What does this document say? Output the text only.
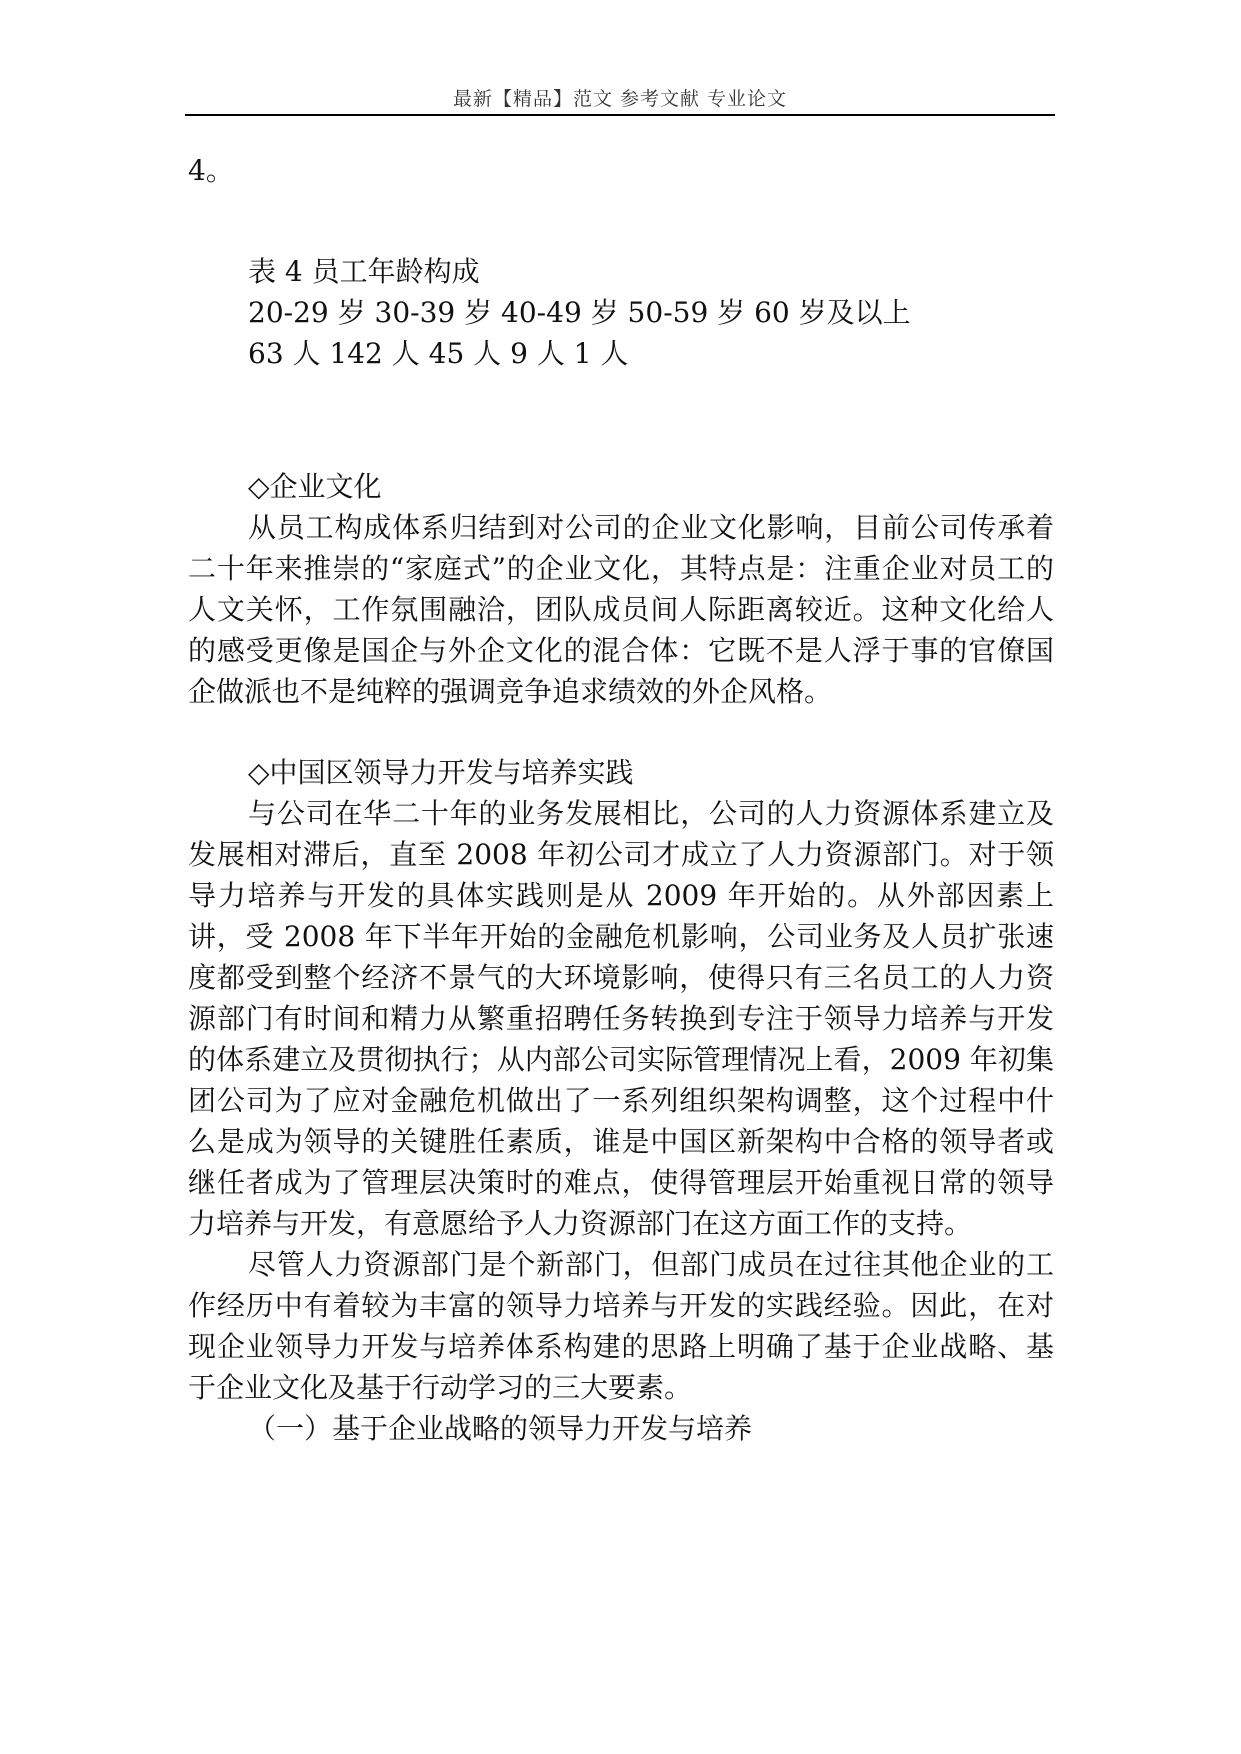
最新【精品】范文 参考文献 专业论文

4。

表 4 员工年龄构成

20-29 岁 30-39 岁 40-49 岁 50-59 岁 60 岁及以上

63 人 142 人 45 人 9 人 1 人

◇企业文化

从员工构成体系归结到对公司的企业文化影响，目前公司传承着二十年来推崇的“家庭式”的企业文化，其特点是：注重企业对员工的人文关怀，工作氛围融洽，团队成员间人际距离较近。这种文化给人的感受更像是国企与外企文化的混合体：它既不是人浮于事的官僚国企做派也不是纯粹的强调竞争追求绩效的外企风格。

◇中国区领导力开发与培养实践

与公司在华二十年的业务发展相比，公司的人力资源体系建立及发展相对滞后，直至 2008 年初公司才成立了人力资源部门。对于领导力培养与开发的具体实践则是从 2009 年开始的。从外部因素上讲，受 2008 年下半年开始的金融危机影响，公司业务及人员扩张速度都受到整个经济不景气的大环境影响，使得只有三名员工的人力资源部门有时间和精力从繁重招聘任务转换到专注于领导力培养与开发的体系建立及贯彻执行；从内部公司实际管理情况上看，2009 年初集团公司为了应对金融危机做出了一系列组织架构调整，这个过程中什么是成为领导的关键胜任素质，谁是中国区新架构中合格的领导者或继任者成为了管理层决策时的难点，使得管理层开始重视日常的领导力培养与开发，有意愿给予人力资源部门在这方面工作的支持。

尽管人力资源部门是个新部门，但部门成员在过往其他企业的工作经历中有着较为丰富的领导力培养与开发的实践经验。因此，在对现企业领导力开发与培养体系构建的思路上明确了基于企业战略、基于企业文化及基于行动学习的三大要素。

（一）基于企业战略的领导力开发与培养
